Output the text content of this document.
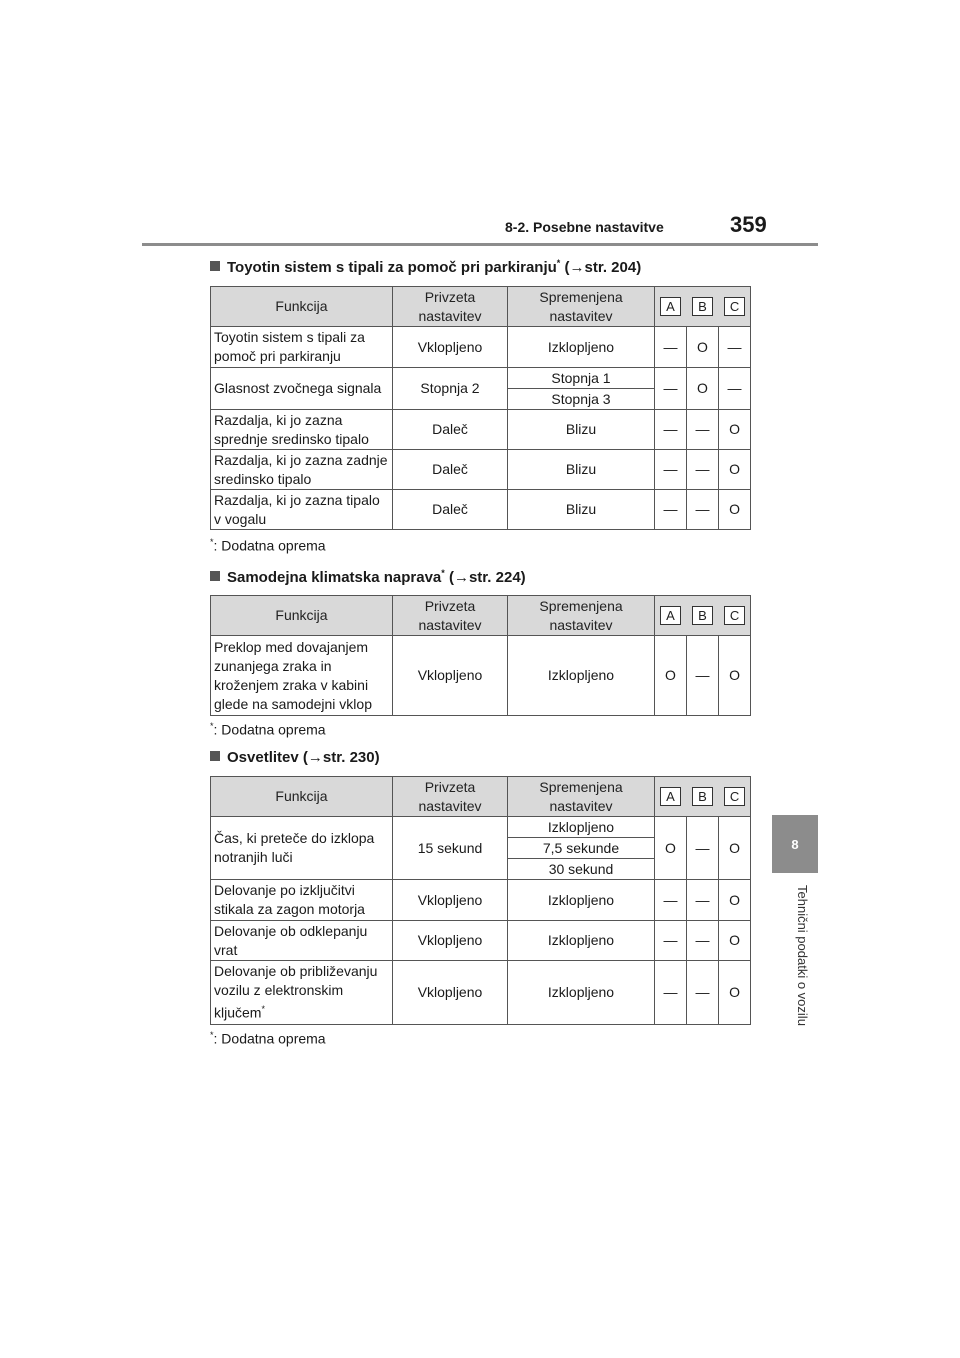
8-2. Posebne nastavitve	359
8
Tehnični podatki o vozilu
Toyotin sistem s tipali za pomoč pri parkiranju* (→str. 204)
Funkcija	Privzeta nastavitev	Spremenjena nastavitev	A B C		

Toyotin sistem s tipali za pomoč pri parkiranju	Vklopljeno	Izklopljeno	—	O	—
Glasnost zvočnega signala	Stopnja 2	Stopnja 1	—	O	—
		Stopnja 3			
Razdalja, ki jo zazna sprednje sredinsko tipalo	Daleč	Blizu	—	—	O
Razdalja, ki jo zazna zadnje sredinsko tipalo	Daleč	Blizu	—	—	O
Razdalja, ki jo zazna tipalo v vogalu	Daleč	Blizu	—	—	O
*: Dodatna oprema
Samodejna klimatska naprava* (→str. 224)
Funkcija	Privzeta nastavitev	Spremenjena nastavitev	A B C		

Preklop med dovajanjem zunanjega zraka in kroženjem zraka v kabini glede na samodejni vklop	Vklopljeno	Izklopljeno	O	—	O
*: Dodatna oprema
Osvetlitev (→str. 230)
Funkcija	Privzeta nastavitev	Spremenjena nastavitev	A B C		

Čas, ki preteče do izklopa notranjih luči	15 sekund	Izklopljeno	O	—	O
		7,5 sekunde			
		30 sekund			
Delovanje po izključitvi stikala za zagon motorja	Vklopljeno	Izklopljeno	—	—	O
Delovanje ob odklepanju vrat	Vklopljeno	Izklopljeno	—	—	O
Delovanje ob približevanju vozilu z elektronskim ključem*	Vklopljeno	Izklopljeno	—	—	O
*: Dodatna oprema
